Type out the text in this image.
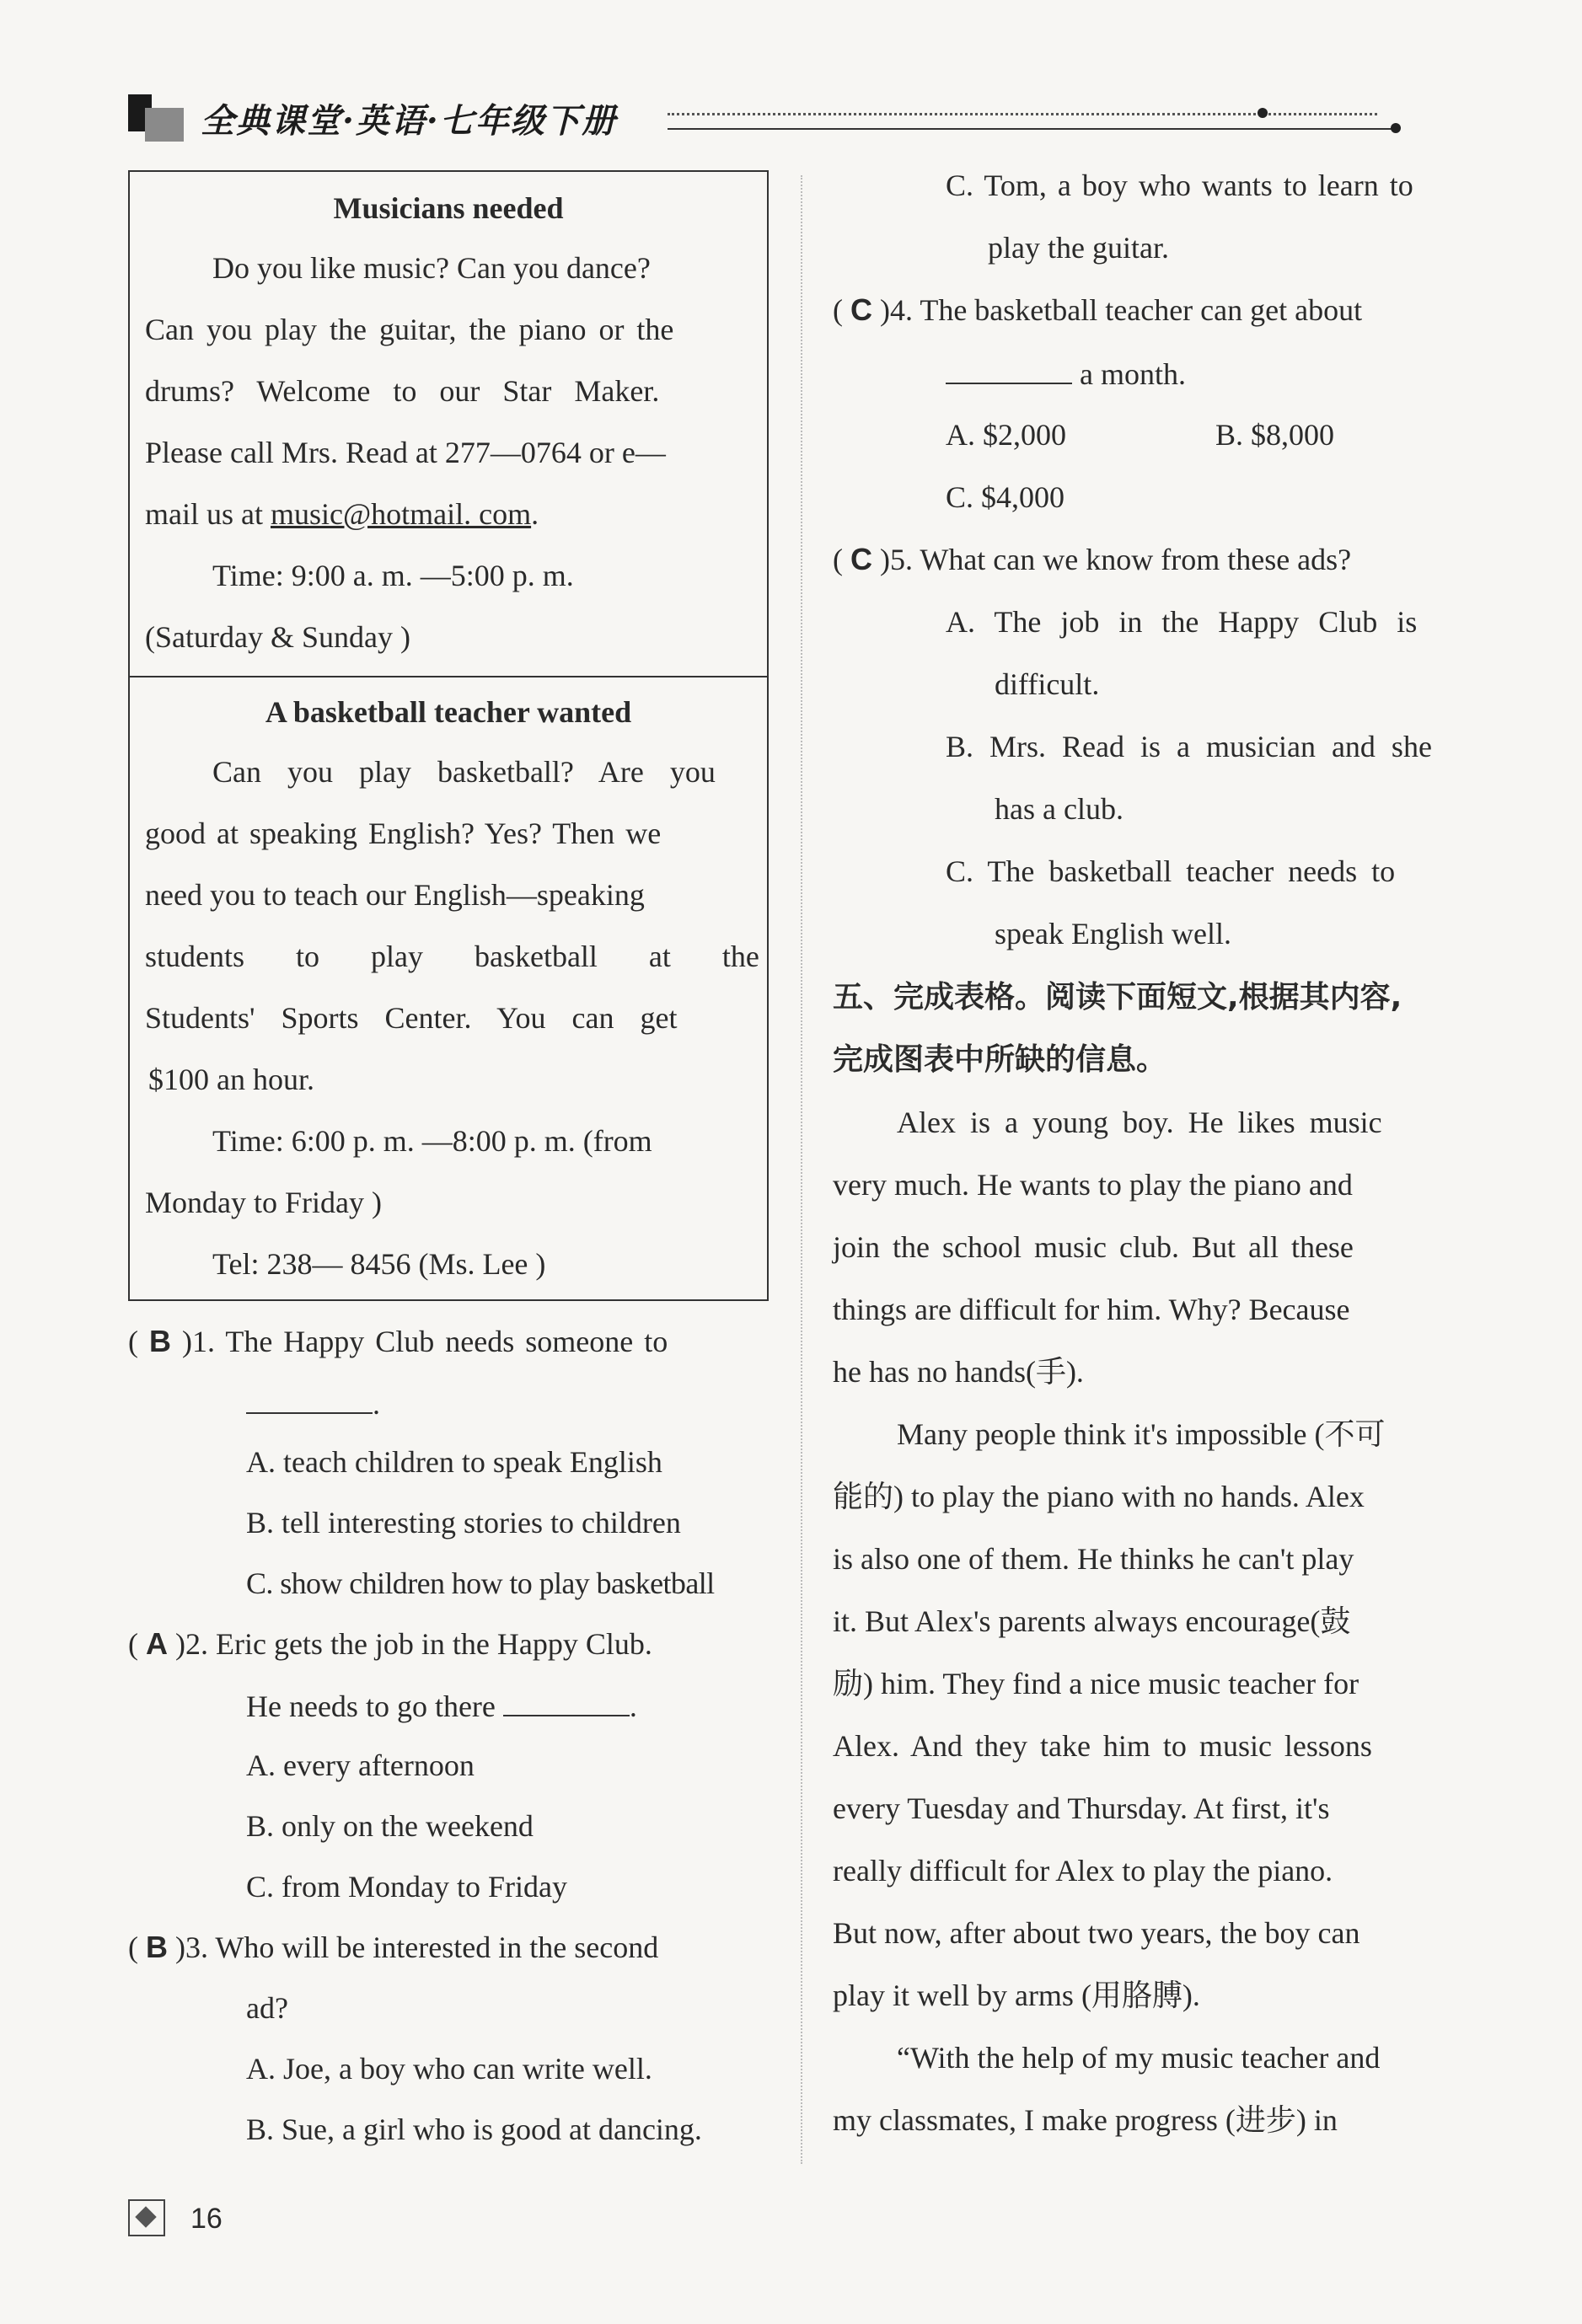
全典课堂·英语·七年级下册
Musicians needed
Do you like music? Can you dance?
Can you play the guitar, the piano or the
drums? Welcome to our Star Maker.
Please call Mrs. Read at 277—0764 or e—
mail us at music@hotmail. com.
Time: 9:00 a. m. —5:00 p. m.
(Saturday & Sunday )
A basketball teacher wanted
Can you play basketball? Are you
good at speaking English? Yes? Then we
need you to teach our English—speaking
students to play basketball at the
Students' Sports Center. You can get
$100 an hour.
Time: 6:00 p. m. —8:00 p. m. (from
Monday to Friday )
Tel: 238— 8456 (Ms. Lee )
( B )1. The Happy Club needs someone to
.
A. teach children to speak English
B. tell interesting stories to children
C. show children how to play basketball
( A )2. Eric gets the job in the Happy Club.
He needs to go there	.
A. every afternoon
B. only on the weekend
C. from Monday to Friday
( B )3. Who will be interested in the second
ad?
A. Joe, a boy who can write well.
B. Sue, a girl who is good at dancing.
C. Tom, a boy who wants to learn to
play the guitar.
( C )4. The basketball teacher can get about
a month.
A. $2,000	B. $8,000
C. $4,000
( C )5. What can we know from these ads?
A. The job in the Happy Club is
difficult.
B. Mrs. Read is a musician and she
has a club.
C. The basketball teacher needs to
speak English well.
五、完成表格。阅读下面短文,根据其内容,
完成图表中所缺的信息。
Alex is a young boy. He likes music
very much. He wants to play the piano and
join the school music club. But all these
things are difficult for him. Why? Because
he has no hands(手).
Many people think it's impossible (不可
能的) to play the piano with no hands. Alex
is also one of them. He thinks he can't play
it. But Alex's parents always encourage(鼓
励) him. They find a nice music teacher for
Alex. And they take him to music lessons
every Tuesday and Thursday. At first, it's
really difficult for Alex to play the piano.
But now, after about two years, the boy can
play it well by arms (用胳膊).
“With the help of my music teacher and
my classmates, I make progress (进步) in
16
